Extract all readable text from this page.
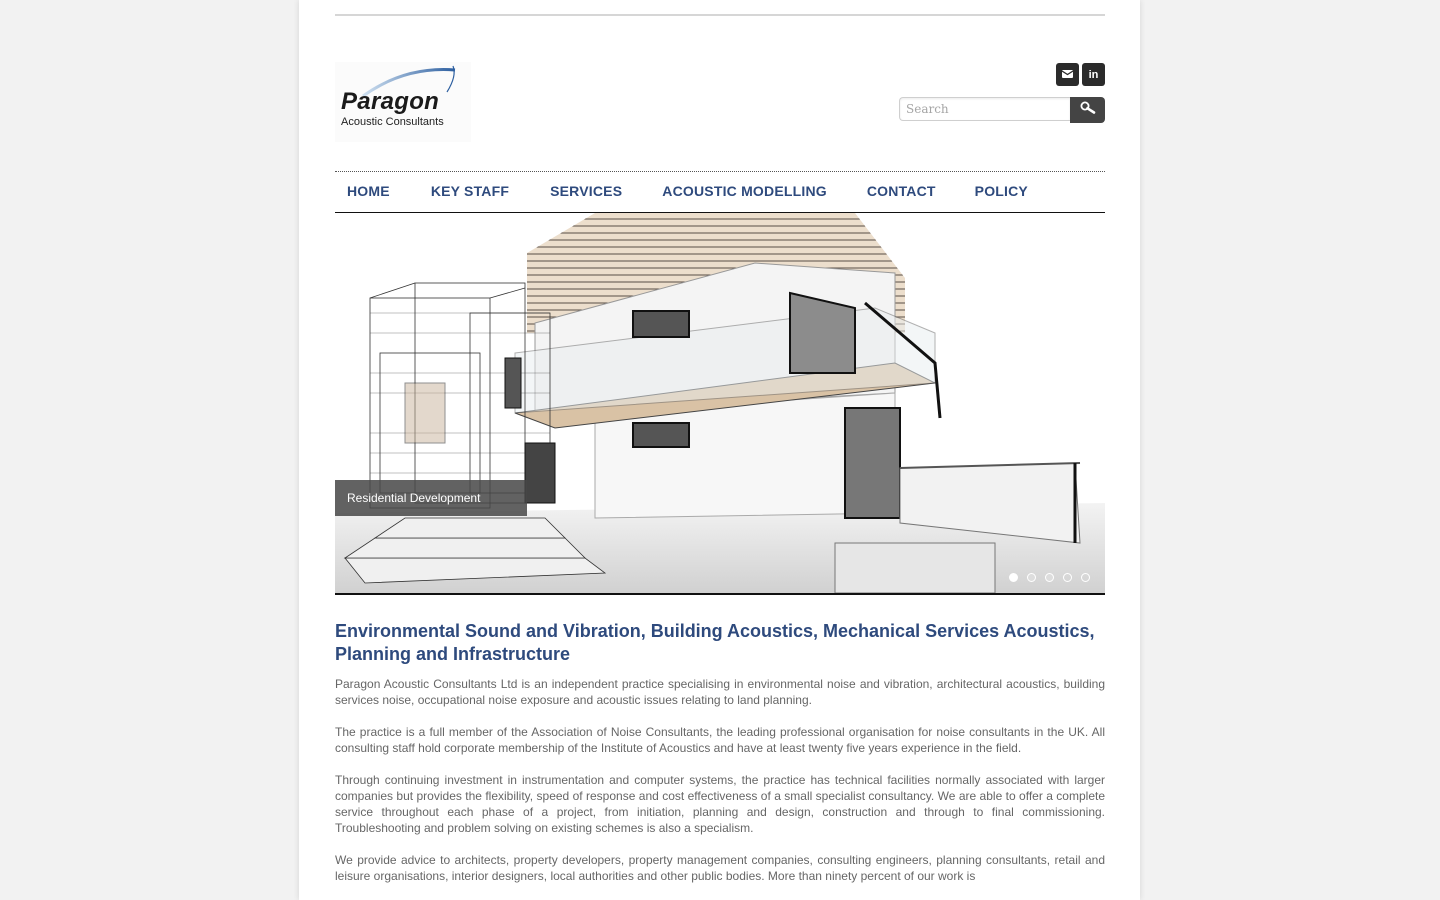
Paragon
Acoustic Consultants
in
Search
HOME	KEY STAFF	SERVICES	ACOUSTIC MODELLING	CONTACT	POLICY
Residential Development
Environmental Sound and Vibration, Building Acoustics, Mechanical Services Acoustics, Planning and Infrastructure

Paragon Acoustic Consultants Ltd is an independent practice specialising in environmental noise and vibration, architectural acoustics, building services noise, occupational noise exposure and acoustic issues relating to land planning.

The practice is a full member of the Association of Noise Consultants, the leading professional organisation for noise consultants in the UK. All consulting staff hold corporate membership of the Institute of Acoustics and have at least twenty five years experience in the field.

Through continuing investment in instrumentation and computer systems, the practice has technical facilities normally associated with larger companies but provides the flexibility, speed of response and cost effectiveness of a small specialist consultancy. We are able to offer a complete service throughout each phase of a project, from initiation, planning and design, construction and through to final commissioning. Troubleshooting and problem solving on existing schemes is also a specialism.

We provide advice to architects, property developers, property management companies, consulting engineers, planning consultants, retail and leisure organisations, interior designers, local authorities and other public bodies. More than ninety percent of our work is
